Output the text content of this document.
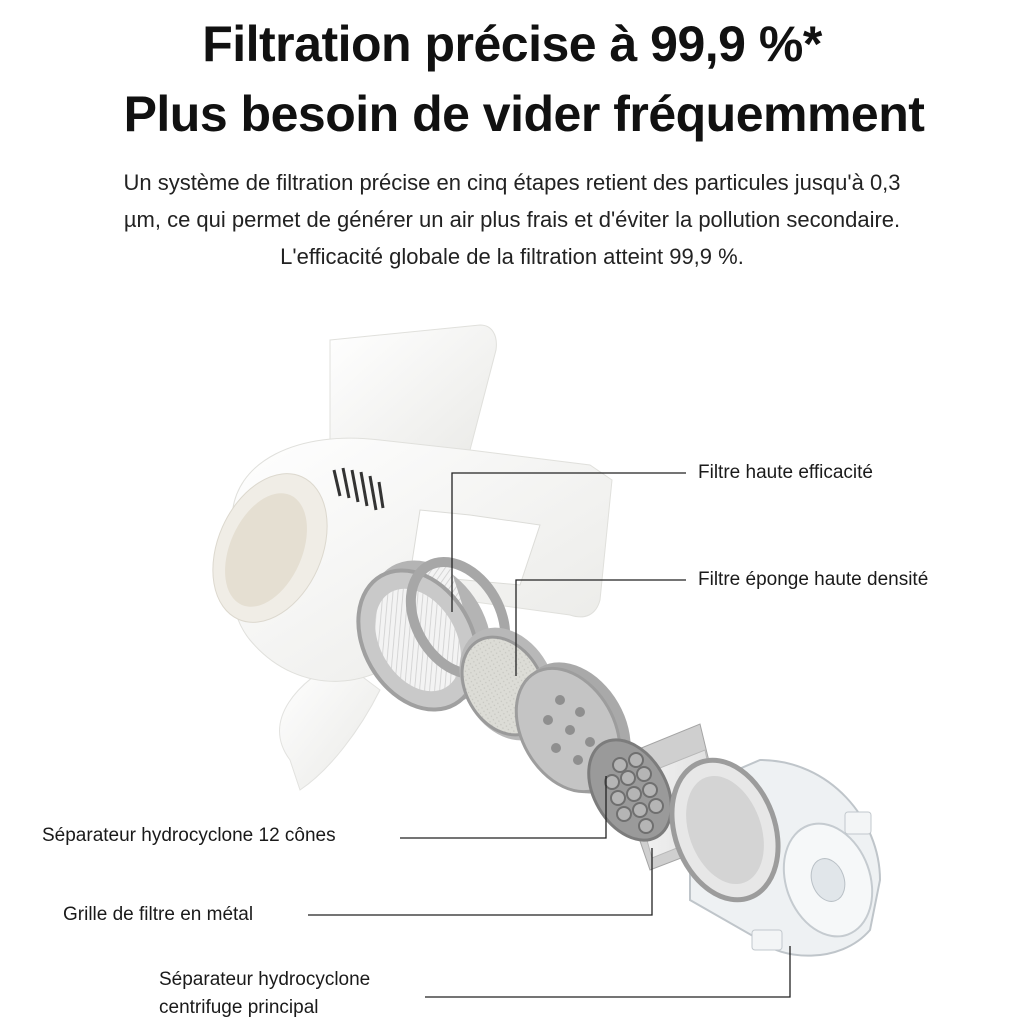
Filtration précise à 99,9 %*
Plus besoin de vider fréquemment
Un système de filtration précise en cinq étapes retient des particules jusqu'à 0,3
µm, ce qui permet de générer un air plus frais et d'éviter la pollution secondaire.
L'efficacité globale de la filtration atteint 99,9 %.
Filtre haute efficacité
Filtre éponge haute densité
Séparateur hydrocyclone 12 cônes
Grille de filtre en métal
Séparateur hydrocyclone
centrifuge principal
